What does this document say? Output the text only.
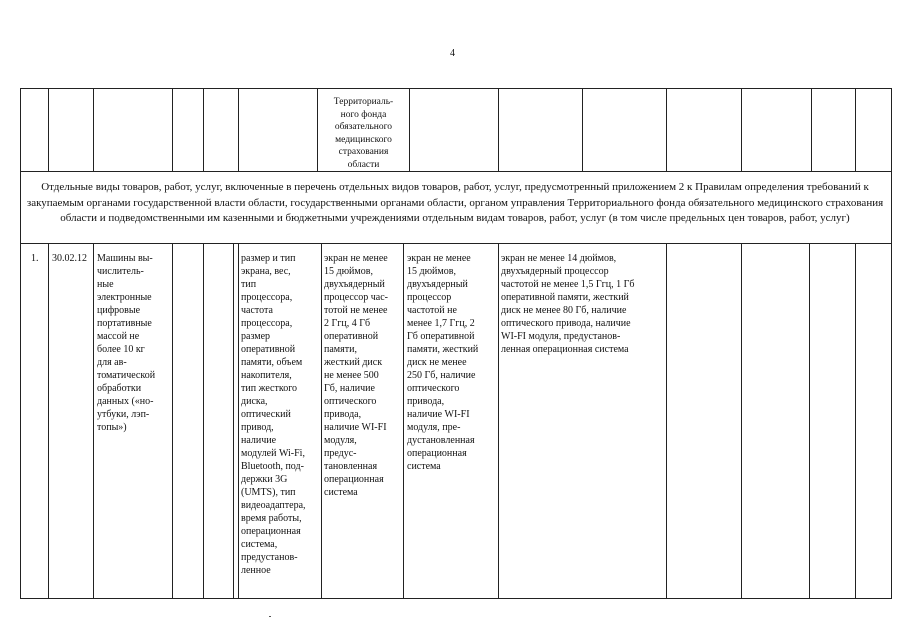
4
Территориаль-
ного фонда
обязательного
медицинского
страхования
области
Отдельные виды товаров, работ, услуг, включенные в перечень отдельных видов товаров, работ, услуг, предусмотренный приложением 2 к Правилам определения требований к закупаемым органами государственной власти области, государственными органами области, органом управления Территориального фонда обязательного медицинского страхования области и подведомственными им казенными и бюджетными учреждениями отдельным видам товаров, работ, услуг (в том числе предельных цен товаров, работ, услуг)
1. 30.02.12 Машины вы-
числитель-
ные
электронные
цифровые
портативные
массой не
более 10 кг
для ав-
томатической
обработки
данных («но-
утбуки, лэп-
топы»)
размер и тип
экрана, вес,
тип
процессора,
частота
процессора,
размер
оперативной
памяти, объем
накопителя,
тип жесткого
диска,
оптический
привод,
наличие
модулей Wi-Fi,
Bluetooth, под-
держки 3G
(UMTS), тип
видеоадаптера,
время работы,
операционная
система,
предустанов-
ленное
экран не менее
15 дюймов,
двухъядерный
процессор час-
тотой не менее
2 Ггц, 4 Гб
оперативной
памяти,
жесткий диск
не менее 500
Гб, наличие
оптического
привода,
наличие WI-FI
модуля,
предус-
тановленная
операционная
система
экран не менее
15 дюймов,
двухъядерный
процессор
частотой не
менее 1,7 Ггц, 2
Гб оперативной
памяти, жесткий
диск не менее
250 Гб, наличие
оптического
привода,
наличие WI-FI
модуля, пре-
дустановленная
операционная
система
экран не менее 14 дюймов,
двухъядерный процессор
частотой не менее 1,5 Ггц, 1 Гб
оперативной памяти, жесткий
диск не менее 80 Гб, наличие
оптического привода, наличие
WI-FI модуля, предустанов-
ленная операционная система
